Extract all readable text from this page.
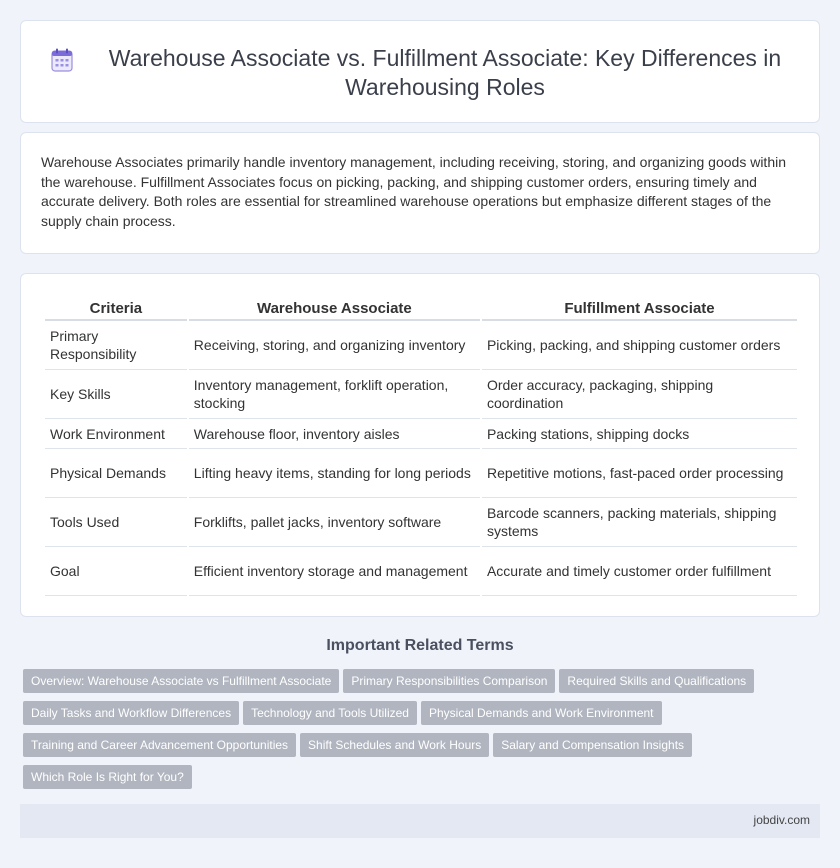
Warehouse Associate vs. Fulfillment Associate: Key Differences in Warehousing Roles

Warehouse Associates primarily handle inventory management, including receiving, storing, and organizing goods within the warehouse. Fulfillment Associates focus on picking, packing, and shipping customer orders, ensuring timely and accurate delivery. Both roles are essential for streamlined warehouse operations but emphasize different stages of the supply chain process.

Criteria	Warehouse Associate	Fulfillment Associate
Primary Responsibility	Receiving, storing, and organizing inventory	Picking, packing, and shipping customer orders
Key Skills	Inventory management, forklift operation, stocking	Order accuracy, packaging, shipping coordination
Work Environment	Warehouse floor, inventory aisles	Packing stations, shipping docks
Physical Demands	Lifting heavy items, standing for long periods	Repetitive motions, fast-paced order processing
Tools Used	Forklifts, pallet jacks, inventory software	Barcode scanners, packing materials, shipping systems
Goal	Efficient inventory storage and management	Accurate and timely customer order fulfillment
Important Related Terms
Overview: Warehouse Associate vs Fulfillment Associate Primary Responsibilities Comparison Required Skills and Qualifications
Daily Tasks and Workflow Differences Technology and Tools Utilized Physical Demands and Work Environment
Training and Career Advancement Opportunities Shift Schedules and Work Hours Salary and Compensation Insights
Which Role Is Right for You?
jobdiv.com
